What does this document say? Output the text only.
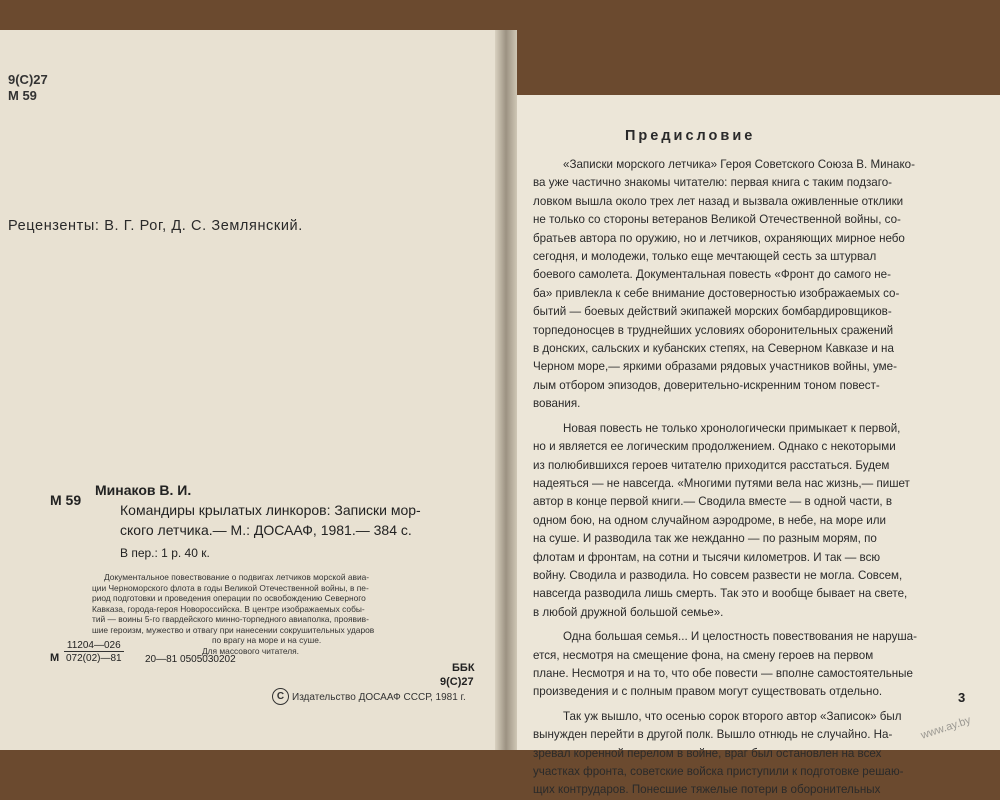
9(С)27
М 59
Рецензенты: В. Г. Рог, Д. С. Землянский.
М 59
Минаков В. И.
Командиры крылатых линкоров: Записки мор-
ского летчика.— М.: ДОСААФ, 1981.— 384 с.
В пер.: 1 р. 40 к.
Документальное повествование о подвигах летчиков морской авиа-
ции Черноморского флота в годы Великой Отечественной войны, в пе-
риод подготовки и проведения операции по освобождению Северного
Кавказа, города-героя Новороссийска. В центре изображаемых собы-
тий — воины 5-го гвардейского минно-торпедного авиаполка, проявив-
шие героизм, мужество и отвагу при нанесении сокрушительных ударов
по врагу на море и на суше.
Для массового читателя.
М
11204—026
072(02)—81 20—81 0505030202
ББК
9(С)27
C Издательство ДОСААФ СССР, 1981 г.
Предисловие
«Записки морского летчика» Героя Советского Союза В. Минако-
ва уже частично знакомы читателю: первая книга с таким подзаго-
ловком вышла около трех лет назад и вызвала оживленные отклики
не только со стороны ветеранов Великой Отечественной войны, со-
братьев автора по оружию, но и летчиков, охраняющих мирное небо
сегодня, и молодежи, только еще мечтающей сесть за штурвал
боевого самолета. Документальная повесть «Фронт до самого не-
ба» привлекла к себе внимание достоверностью изображаемых со-
бытий — боевых действий экипажей морских бомбардировщиков-
торпедоносцев в труднейших условиях оборонительных сражений
в донских, сальских и кубанских степях, на Северном Кавказе и на
Черном море,— яркими образами рядовых участников войны, уме-
лым отбором эпизодов, доверительно-искренним тоном повест-
вования.
Новая повесть не только хронологически примыкает к первой,
но и является ее логическим продолжением. Однако с некоторыми
из полюбившихся героев читателю приходится расстаться. Будем
надеяться — не навсегда. «Многими путями вела нас жизнь,— пишет
автор в конце первой книги.— Сводила вместе — в одной части, в
одном бою, на одном случайном аэродроме, в небе, на море или
на суше. И разводила так же нежданно — по разным морям, по
флотам и фронтам, на сотни и тысячи километров. И так — всю
войну. Сводила и разводила. Но совсем развести не могла. Совсем,
навсегда разводила лишь смерть. Так это и вообще бывает на свете,
в любой дружной большой семье».
Одна большая семья... И целостность повествования не наруша-
ется, несмотря на смещение фона, на смену героев на первом
плане. Несмотря и на то, что обе повести — вполне самостоятельные
произведения и с полным правом могут существовать отдельно.
Так уж вышло, что осенью сорок второго автор «Записок» был
вынужден перейти в другой полк. Вышло отнюдь не случайно. На-
зревал коренной перелом в войне, враг был остановлен на всех
участках фронта, советские войска приступили к подготовке решаю-
щих контрударов. Понесшие тяжелые потери в оборонительных
3
www.ay.by
